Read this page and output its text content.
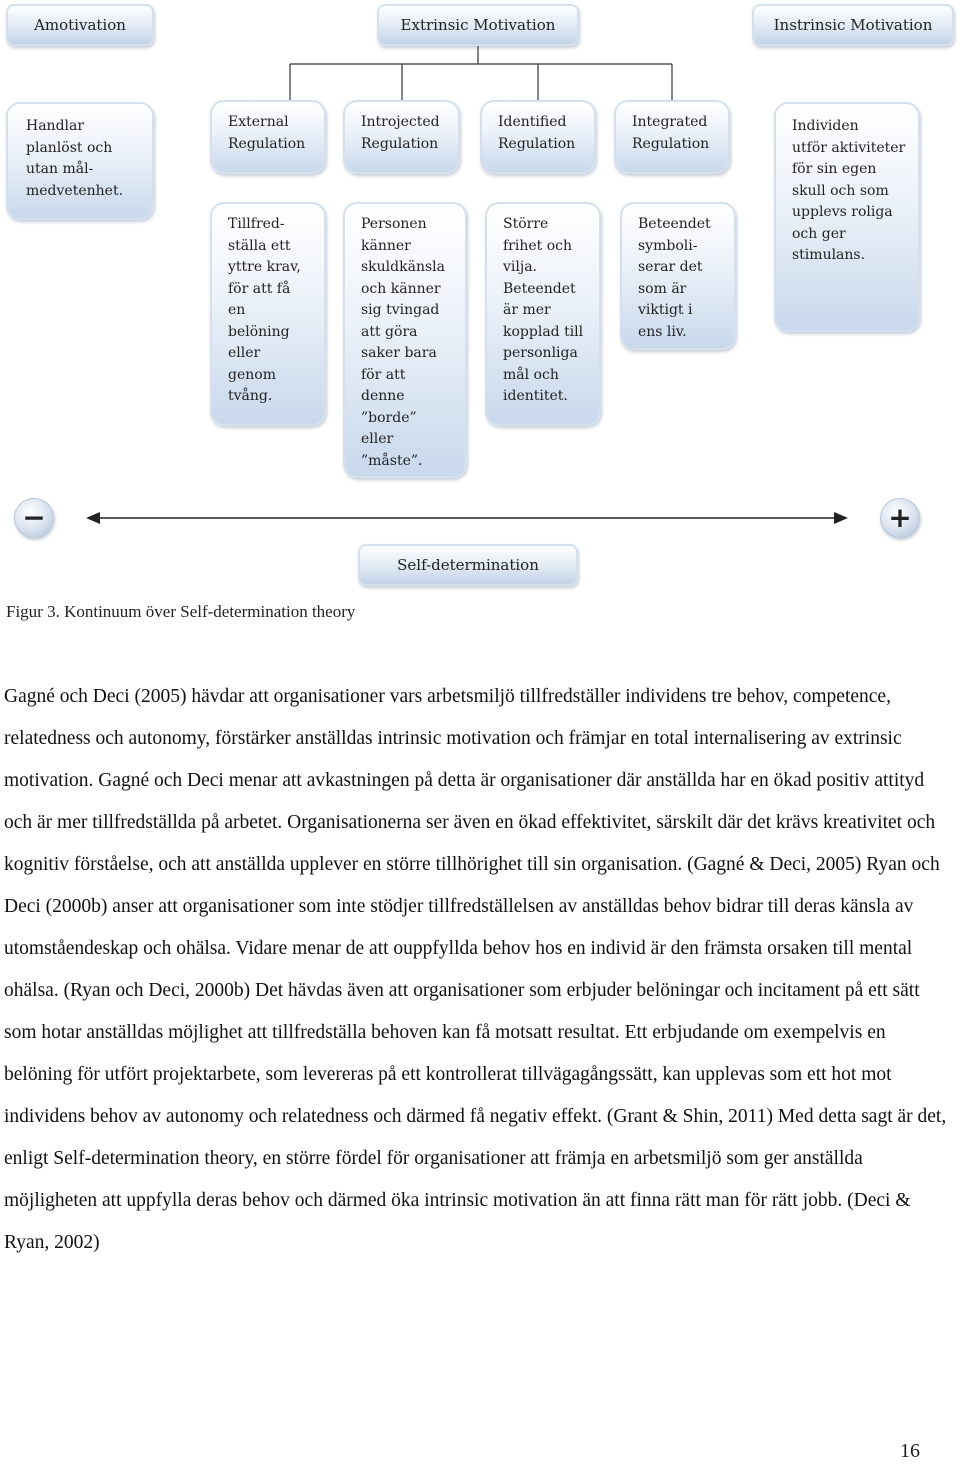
Amotivation	Extrinsic Motivation	Instrinsic Motivation
Handlar
planlöst och
utan mål-
medvetenhet.
External
Regulation
Introjected
Regulation
Identified
Regulation
Integrated
Regulation
Individen
utför aktiviteter
för sin egen
skull och som
upplevs roliga
och ger
stimulans.
Tillfred-
ställa ett
yttre krav,
för att få
en
belöning
eller
genom
tvång.
Personen
känner
skuldkänsla
och känner
sig tvingad
att göra
saker bara
för att
denne
”borde”
eller
”måste”.
Större
frihet och
vilja.
Beteendet
är mer
kopplad till
personliga
mål och
identitet.
Beteendet
symboli-
serar det
som är
viktigt i
ens liv.
−	+
Self-determination
Figur 3. Kontinuum över Self-determination theory

Gagné och Deci (2005) hävdar att organisationer vars arbetsmiljö tillfredställer individens tre behov, competence, relatedness och autonomy, förstärker anställdas intrinsic motivation och främjar en total internalisering av extrinsic motivation. Gagné och Deci menar att avkastningen på detta är organisationer där anställda har en ökad positiv attityd och är mer tillfredställda på arbetet. Organisationerna ser även en ökad effektivitet, särskilt där det krävs kreativitet och kognitiv förståelse, och att anställda upplever en större tillhörighet till sin organisation. (Gagné & Deci, 2005) Ryan och Deci (2000b) anser att organisationer som inte stödjer tillfredställelsen av anställdas behov bidrar till deras känsla av utomståendeskap och ohälsa. Vidare menar de att ouppfyllda behov hos en individ är den främsta orsaken till mental ohälsa. (Ryan och Deci, 2000b) Det hävdas även att organisationer som erbjuder belöningar och incitament på ett sätt som hotar anställdas möjlighet att tillfredställa behoven kan få motsatt resultat. Ett erbjudande om exempelvis en belöning för utfört projektarbete, som levereras på ett kontrollerat tillvägagångssätt, kan upplevas som ett hot mot individens behov av autonomy och relatedness och därmed få negativ effekt. (Grant & Shin, 2011) Med detta sagt är det, enligt Self-determination theory, en större fördel för organisationer att främja en arbetsmiljö som ger anställda möjligheten att uppfylla deras behov och därmed öka intrinsic motivation än att finna rätt man för rätt jobb. (Deci & Ryan, 2002)

16
